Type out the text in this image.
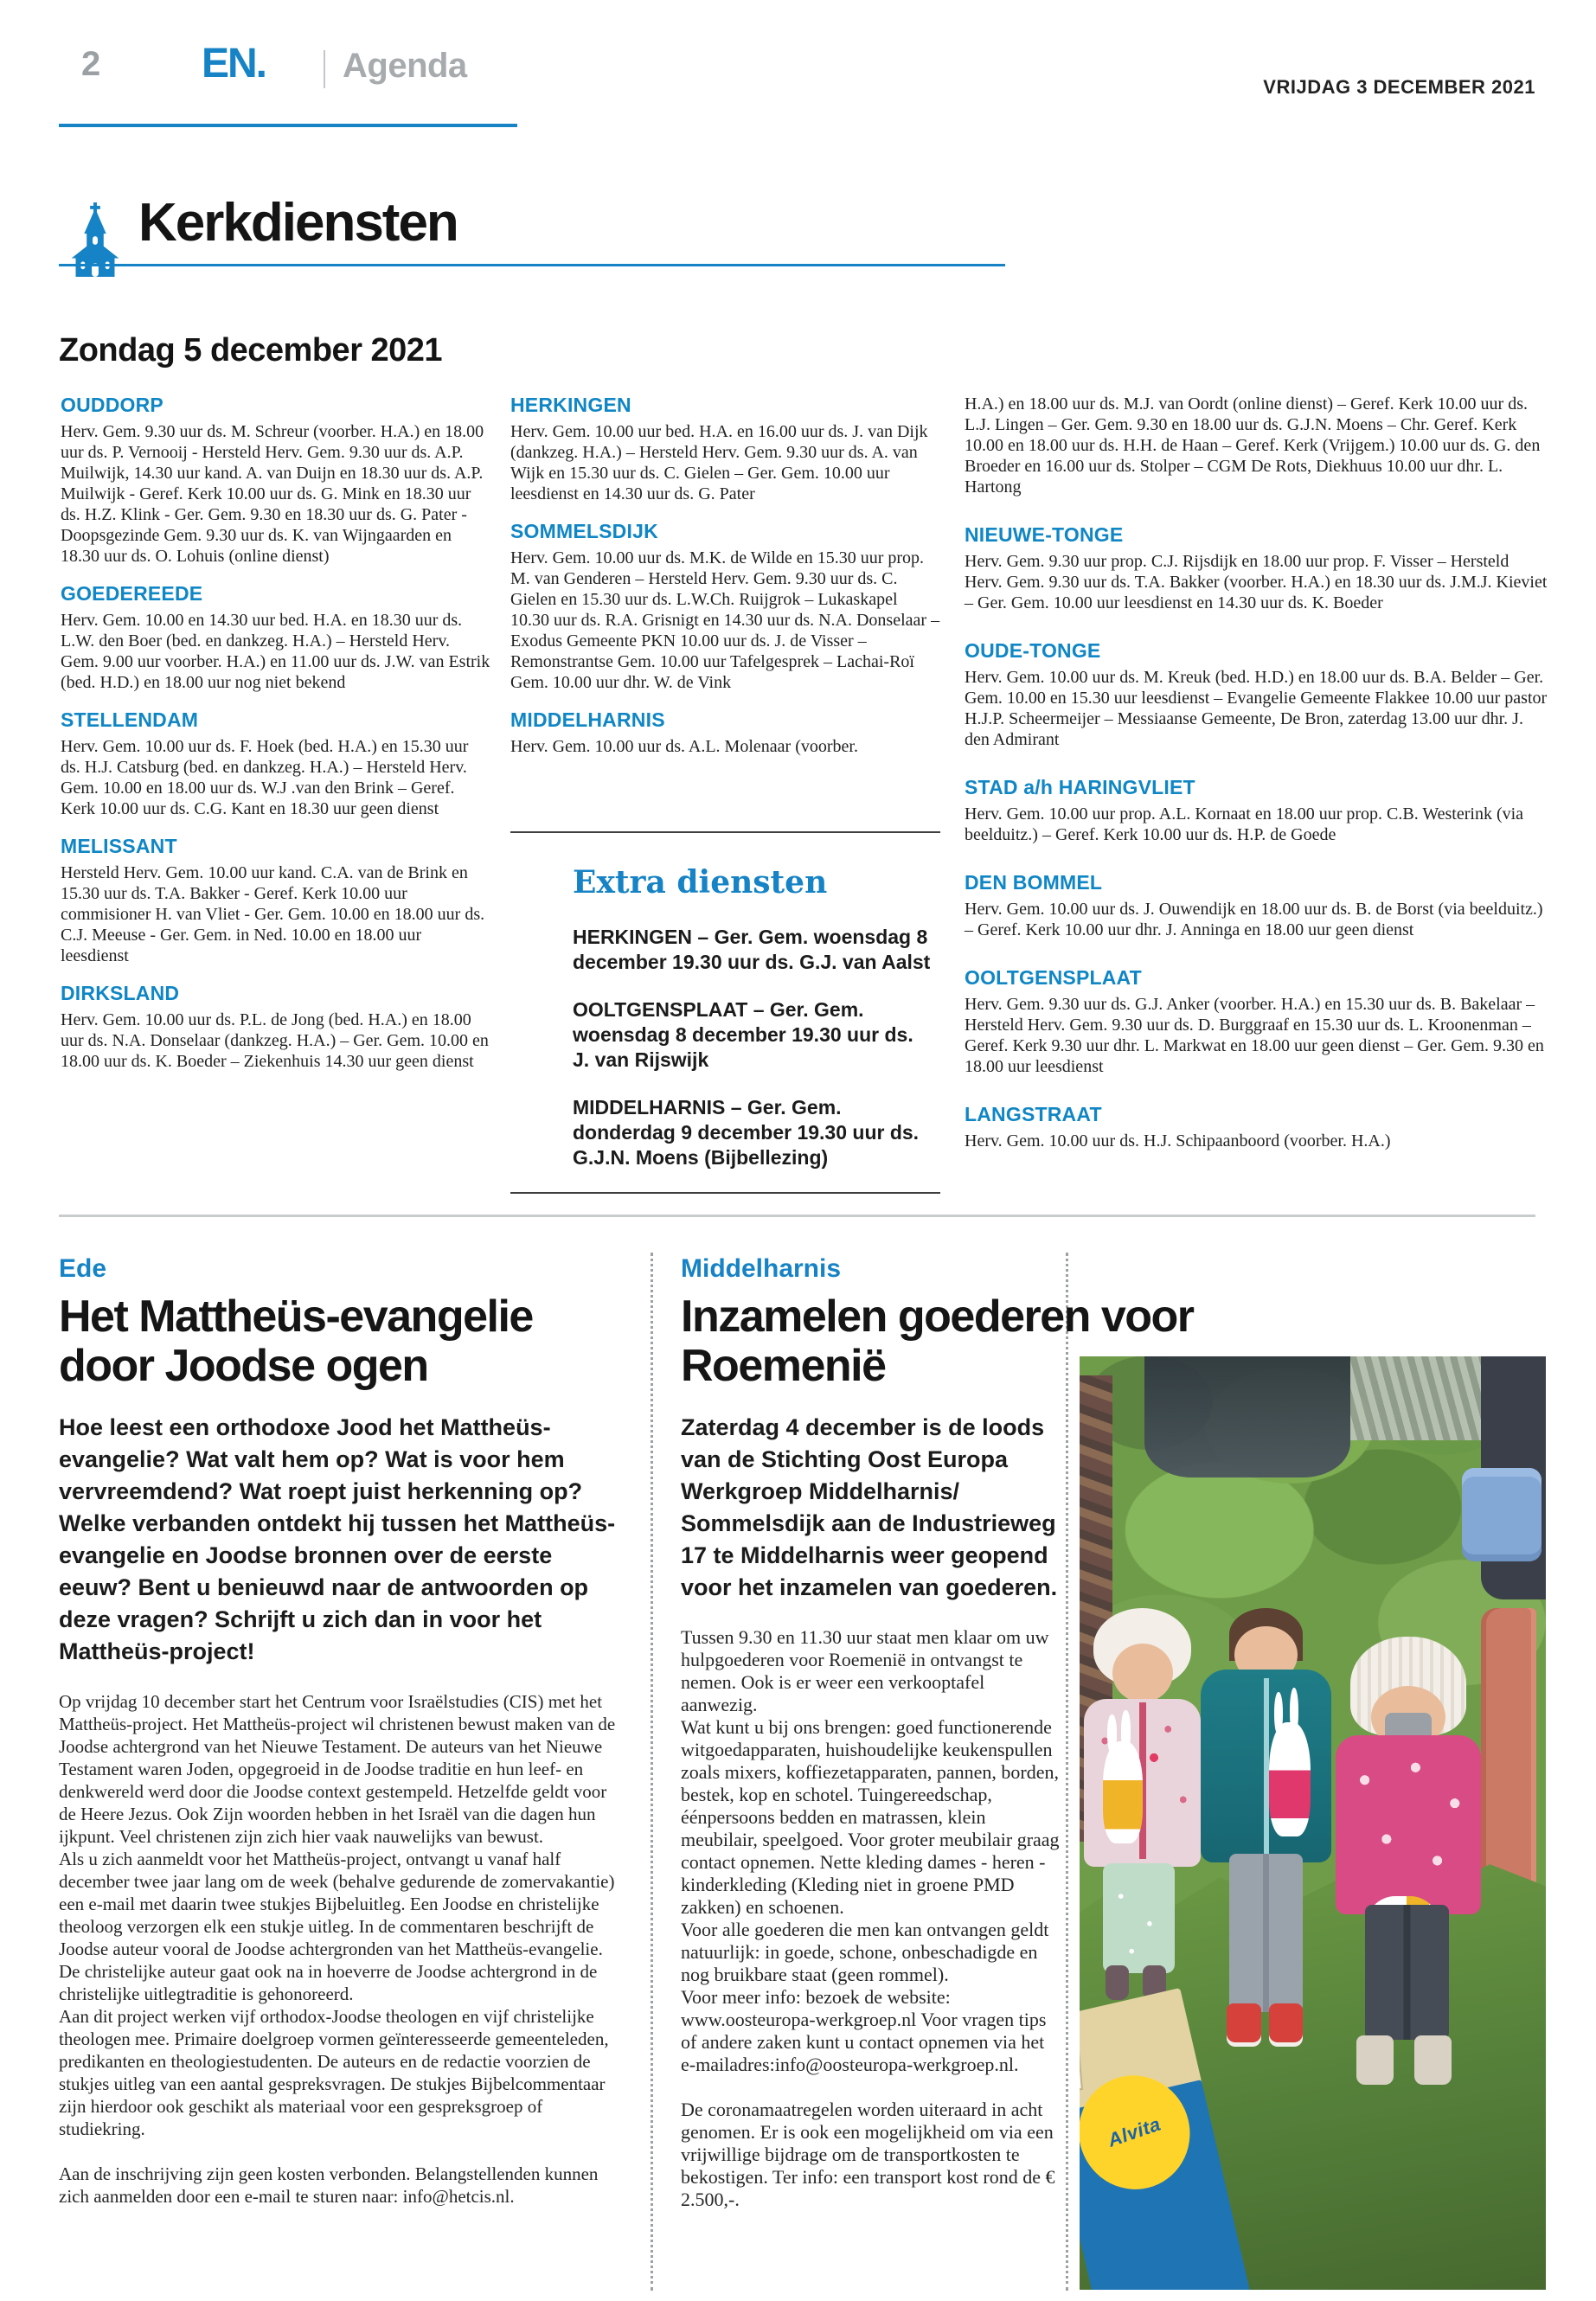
2 EN. Agenda
VRIJDAG 3 DECEMBER 2021
Kerkdiensten
Zondag 5 december 2021
OUDDORP

Herv. Gem. 9.30 uur ds. M. Schreur (voorber. H.A.) en 18.00 uur ds. P. Vernooij - Hersteld Herv. Gem. 9.30 uur ds. A.P. Muilwijk, 14.30 uur kand. A. van Duijn en 18.30 uur ds. A.P. Muilwijk - Geref. Kerk 10.00 uur ds. G. Mink en 18.30 uur ds. H.Z. Klink - Ger. Gem. 9.30 en 18.30 uur ds. G. Pater - Doopsgezinde Gem. 9.30 uur ds. K. van Wijngaarden en 18.30 uur ds. O. Lohuis (online dienst)

GOEDEREEDE

Herv. Gem. 10.00 en 14.30 uur bed. H.A. en 18.30 uur ds. L.W. den Boer (bed. en dankzeg. H.A.) – Hersteld Herv. Gem. 9.00 uur voorber. H.A.) en 11.00 uur ds. J.W. van Estrik (bed. H.D.) en 18.00 uur nog niet bekend

STELLENDAM

Herv. Gem. 10.00 uur ds. F. Hoek (bed. H.A.) en 15.30 uur ds. H.J. Catsburg (bed. en dankzeg. H.A.) – Hersteld Herv. Gem. 10.00 en 18.00 uur ds. W.J .van den Brink – Geref. Kerk 10.00 uur ds. C.G. Kant en 18.30 uur geen dienst

MELISSANT

Hersteld Herv. Gem. 10.00 uur kand. C.A. van de Brink en 15.30 uur ds. T.A. Bakker - Geref. Kerk 10.00 uur commisioner H. van Vliet - Ger. Gem. 10.00 en 18.00 uur ds. C.J. Meeuse - Ger. Gem. in Ned. 10.00 en 18.00 uur leesdienst

DIRKSLAND

Herv. Gem. 10.00 uur ds. P.L. de Jong (bed. H.A.) en 18.00 uur ds. N.A. Donselaar (dankzeg. H.A.) – Ger. Gem. 10.00 en 18.00 uur ds. K. Boeder – Ziekenhuis 14.30 uur geen dienst

HERKINGEN

Herv. Gem. 10.00 uur bed. H.A. en 16.00 uur ds. J. van Dijk (dankzeg. H.A.) – Hersteld Herv. Gem. 9.30 uur ds. A. van Wijk en 15.30 uur ds. C. Gielen – Ger. Gem. 10.00 uur leesdienst en 14.30 uur ds. G. Pater

SOMMELSDIJK

Herv. Gem. 10.00 uur ds. M.K. de Wilde en 15.30 uur prop. M. van Genderen – Hersteld Herv. Gem. 9.30 uur ds. C. Gielen en 15.30 uur ds. L.W.Ch. Ruijgrok – Lukaskapel 10.30 uur ds. R.A. Grisnigt en 14.30 uur ds. N.A. Donselaar – Exodus Gemeente PKN 10.00 uur ds. J. de Visser – Remonstrantse Gem. 10.00 uur Tafelgesprek – Lachai-Roï Gem. 10.00 uur dhr. W. de Vink

MIDDELHARNIS

Herv. Gem. 10.00 uur ds. A.L. Molenaar (voorber.

H.A.) en 18.00 uur ds. M.J. van Oordt (online dienst) – Geref. Kerk 10.00 uur ds. L.J. Lingen – Ger. Gem. 9.30 en 18.00 uur ds. G.J.N. Moens – Chr. Geref. Kerk 10.00 en 18.00 uur ds. H.H. de Haan – Geref. Kerk (Vrijgem.) 10.00 uur ds. G. den Broeder en 16.00 uur ds. Stolper – CGM De Rots, Diekhuus 10.00 uur dhr. L. Hartong

NIEUWE-TONGE

Herv. Gem. 9.30 uur prop. C.J. Rijsdijk en 18.00 uur prop. F. Visser – Hersteld Herv. Gem. 9.30 uur ds. T.A. Bakker (voorber. H.A.) en 18.30 uur ds. J.M.J. Kieviet – Ger. Gem. 10.00 uur leesdienst en 14.30 uur ds. K. Boeder

OUDE-TONGE

Herv. Gem. 10.00 uur ds. M. Kreuk (bed. H.D.) en 18.00 uur ds. B.A. Belder – Ger. Gem. 10.00 en 15.30 uur leesdienst – Evangelie Gemeente Flakkee 10.00 uur pastor H.J.P. Scheermeijer – Messiaanse Gemeente, De Bron, zaterdag 13.00 uur dhr. J. den Admirant

STAD a/h HARINGVLIET

Herv. Gem. 10.00 uur prop. A.L. Kornaat en 18.00 uur prop. C.B. Westerink (via beelduitz.) – Geref. Kerk 10.00 uur ds. H.P. de Goede

DEN BOMMEL

Herv. Gem. 10.00 uur ds. J. Ouwendijk en 18.00 uur ds. B. de Borst (via beelduitz.) – Geref. Kerk 10.00 uur dhr. J. Anninga en 18.00 uur geen dienst

OOLTGENSPLAAT

Herv. Gem. 9.30 uur ds. G.J. Anker (voorber. H.A.) en 15.30 uur ds. B. Bakelaar – Hersteld Herv. Gem. 9.30 uur ds. D. Burggraaf en 15.30 uur ds. L. Kroonenman – Geref. Kerk 9.30 uur dhr. L. Markwat en 18.00 uur geen dienst – Ger. Gem. 9.30 en 18.00 uur leesdienst

LANGSTRAAT

Herv. Gem. 10.00 uur ds. H.J. Schipaanboord (voorber. H.A.)

Extra diensten

HERKINGEN – Ger. Gem. woensdag 8 december 19.30 uur ds. G.J. van Aalst

OOLTGENSPLAAT – Ger. Gem. woensdag 8 december 19.30 uur ds. J. van Rijswijk

MIDDELHARNIS – Ger. Gem. donderdag 9 december 19.30 uur ds. G.J.N. Moens (Bijbellezing)

Ede

Het Mattheüs-evangelie door Joodse ogen

Hoe leest een orthodoxe Jood het Mattheüs-evangelie? Wat valt hem op? Wat is voor hem vervreemdend? Wat roept juist herkenning op? Welke verbanden ontdekt hij tussen het Mattheüs-evangelie en Joodse bronnen over de eerste eeuw? Bent u benieuwd naar de antwoorden op deze vragen? Schrijft u zich dan in voor het Mattheüs-project!

Op vrijdag 10 december start het Centrum voor Israëlstudies (CIS) met het Mattheüs-project. Het Mattheüs-project wil christenen bewust maken van de Joodse achtergrond van het Nieuwe Testament. De auteurs van het Nieuwe Testament waren Joden, opgegroeid in de Joodse traditie en hun leef- en denkwereld werd door die Joodse context gestempeld. Hetzelfde geldt voor de Heere Jezus. Ook Zijn woorden hebben in het Israël van die dagen hun ijkpunt. Veel christenen zijn zich hier vaak nauwelijks van bewust.

Als u zich aanmeldt voor het Mattheüs-project, ontvangt u vanaf half december twee jaar lang om de week (behalve gedurende de zomervakantie) een e-mail met daarin twee stukjes Bijbeluitleg. Een Joodse en christelijke theoloog verzorgen elk een stukje uitleg. In de commentaren beschrijft de Joodse auteur vooral de Joodse achtergronden van het Mattheüs-evangelie. De christelijke auteur gaat ook na in hoeverre de Joodse achtergrond in de christelijke uitlegtraditie is gehonoreerd.

Aan dit project werken vijf orthodox-Joodse theologen en vijf christelijke theologen mee. Primaire doelgroep vormen geïnteresseerde gemeenteleden, predikanten en theologiestudenten. De auteurs en de redactie voorzien de stukjes uitleg van een aantal gespreksvragen. De stukjes Bijbelcommentaar zijn hierdoor ook geschikt als materiaal voor een gespreksgroep of studiekring.

Aan de inschrijving zijn geen kosten verbonden. Belangstellenden kunnen zich aanmelden door een e-mail te sturen naar: info@hetcis.nl.

Middelharnis

Inzamelen goederen voor Roemenië

Zaterdag 4 december is de loods van de Stichting Oost Europa Werkgroep Middelharnis/ Sommelsdijk aan de Industrieweg 17 te Middelharnis weer geopend voor het inzamelen van goederen.

Tussen 9.30 en 11.30 uur staat men klaar om uw hulpgoederen voor Roemenië in ontvangst te nemen. Ook is er weer een verkooptafel aanwezig.

Wat kunt u bij ons brengen: goed functionerende witgoedapparaten, huishoudelijke keukenspullen zoals mixers, koffiezetapparaten, pannen, borden, bestek, kop en schotel. Tuingereedschap, éénpersoons bedden en matrassen, klein meubilair, speelgoed. Voor groter meubilair graag contact opnemen. Nette kleding dames - heren - kinderkleding (Kleding niet in groene PMD zakken) en schoenen.

Voor alle goederen die men kan ontvangen geldt natuurlijk: in goede, schone, onbeschadigde en nog bruikbare staat (geen rommel).

Voor meer info: bezoek de website: www.oosteuropa-werkgroep.nl Voor vragen tips of andere zaken kunt u contact opnemen via het e-mailadres:info@oosteuropa-werkgroep.nl.

De coronamaatregelen worden uiteraard in acht genomen. Er is ook een mogelijkheid om via een vrijwillige bijdrage om de transportkosten te bekostigen. Ter info: een transport kost rond de € 2.500,-.

Alvita
